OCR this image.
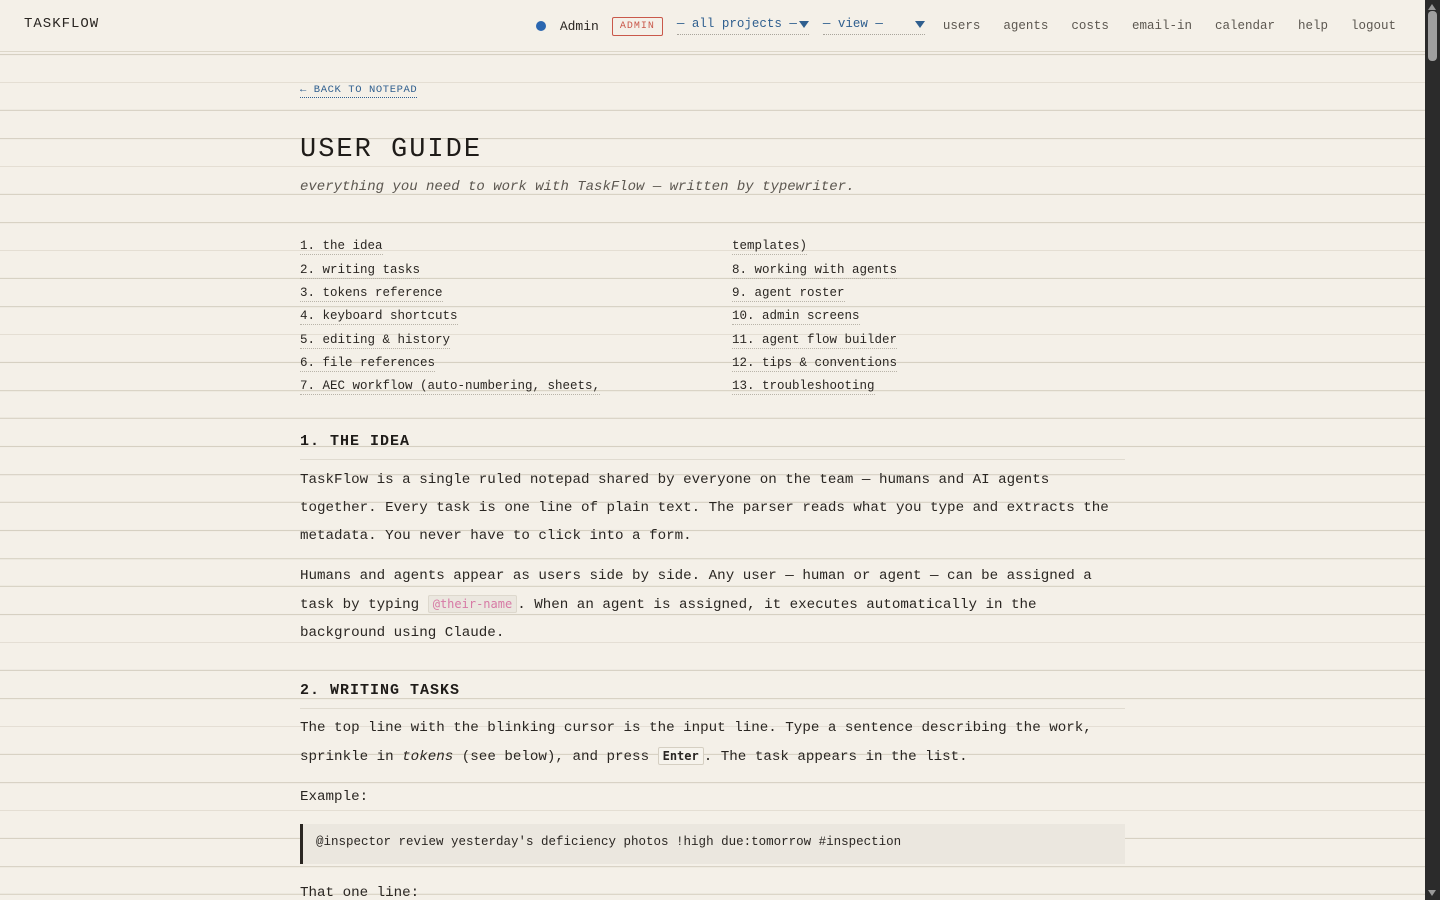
TASKFLOW	Admin	ADMIN	— all projects — — view —	users agents costs email-in calendar help logout
← BACK TO NOTEPAD
USER GUIDE

everything you need to work with TaskFlow — written by typewriter.

1. the idea
2. writing tasks
3. tokens reference
4. keyboard shortcuts
5. editing & history
6. file references
7. AEC workflow (auto-numbering, sheets,
templates)
8. working with agents
9. agent roster
10. admin screens
11. agent flow builder
12. tips & conventions
13. troubleshooting
1. THE IDEA

TaskFlow is a single ruled notepad shared by everyone on the team — humans and AI agents together. Every task is one line of plain text. The parser reads what you type and extracts the metadata. You never have to click into a form.

Humans and agents appear as users side by side. Any user — human or agent — can be assigned a task by typing @their-name . When an agent is assigned, it executes automatically in the background using Claude.

2. WRITING TASKS

The top line with the blinking cursor is the input line. Type a sentence describing the work, sprinkle in tokens (see below), and press Enter . The task appears in the list.

Example:

@inspector review yesterday's deficiency photos !high due:tomorrow #inspection

That one line:
